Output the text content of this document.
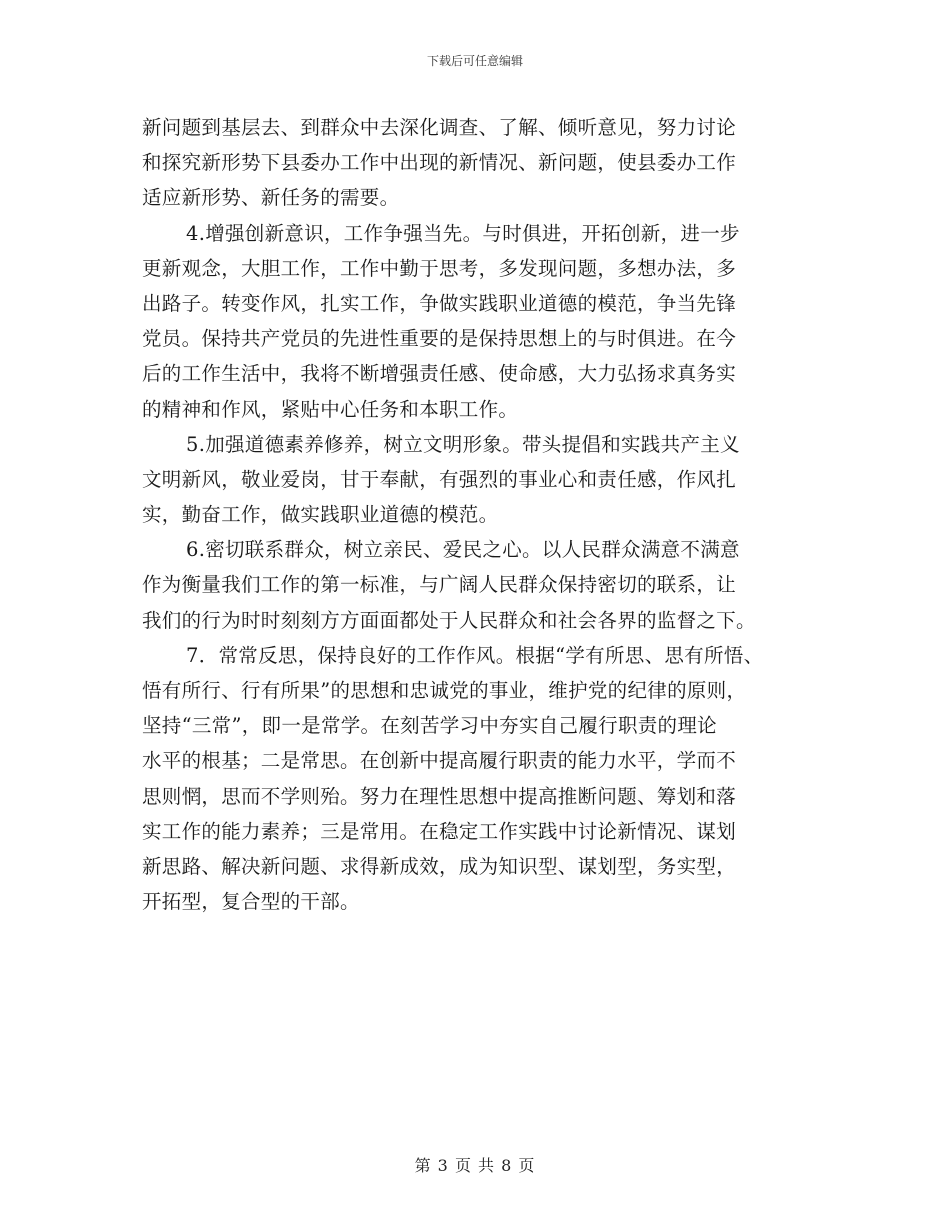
下载后可任意编辑
新问题到基层去、到群众中去深化调查、了解、倾听意见，努力讨论
和探究新形势下县委办工作中出现的新情况、新问题，使县委办工作
适应新形势、新任务的需要。
4.增强创新意识，工作争强当先。与时俱进，开拓创新，进一步
更新观念，大胆工作，工作中勤于思考，多发现问题，多想办法，多
出路子。转变作风，扎实工作，争做实践职业道德的模范，争当先锋
党员。保持共产党员的先进性重要的是保持思想上的与时俱进。在今
后的工作生活中，我将不断增强责任感、使命感，大力弘扬求真务实
的精神和作风，紧贴中心任务和本职工作。
5.加强道德素养修养，树立文明形象。带头提倡和实践共产主义
文明新风，敬业爱岗，甘于奉献，有强烈的事业心和责任感，作风扎
实，勤奋工作，做实践职业道德的模范。
6.密切联系群众，树立亲民、爱民之心。以人民群众满意不满意
作为衡量我们工作的第一标准，与广阔人民群众保持密切的联系，让
我们的行为时时刻刻方方面面都处于人民群众和社会各界的监督之下。
7．常常反思，保持良好的工作作风。根据“学有所思、思有所悟、
悟有所行、行有所果”的思想和忠诚党的事业，维护党的纪律的原则，
坚持“三常”，即一是常学。在刻苦学习中夯实自己履行职责的理论
水平的根基；二是常思。在创新中提高履行职责的能力水平，学而不
思则惘，思而不学则殆。努力在理性思想中提高推断问题、筹划和落
实工作的能力素养；三是常用。在稳定工作实践中讨论新情况、谋划
新思路、解决新问题、求得新成效，成为知识型、谋划型，务实型，
开拓型，复合型的干部。
第 3 页 共 8 页
